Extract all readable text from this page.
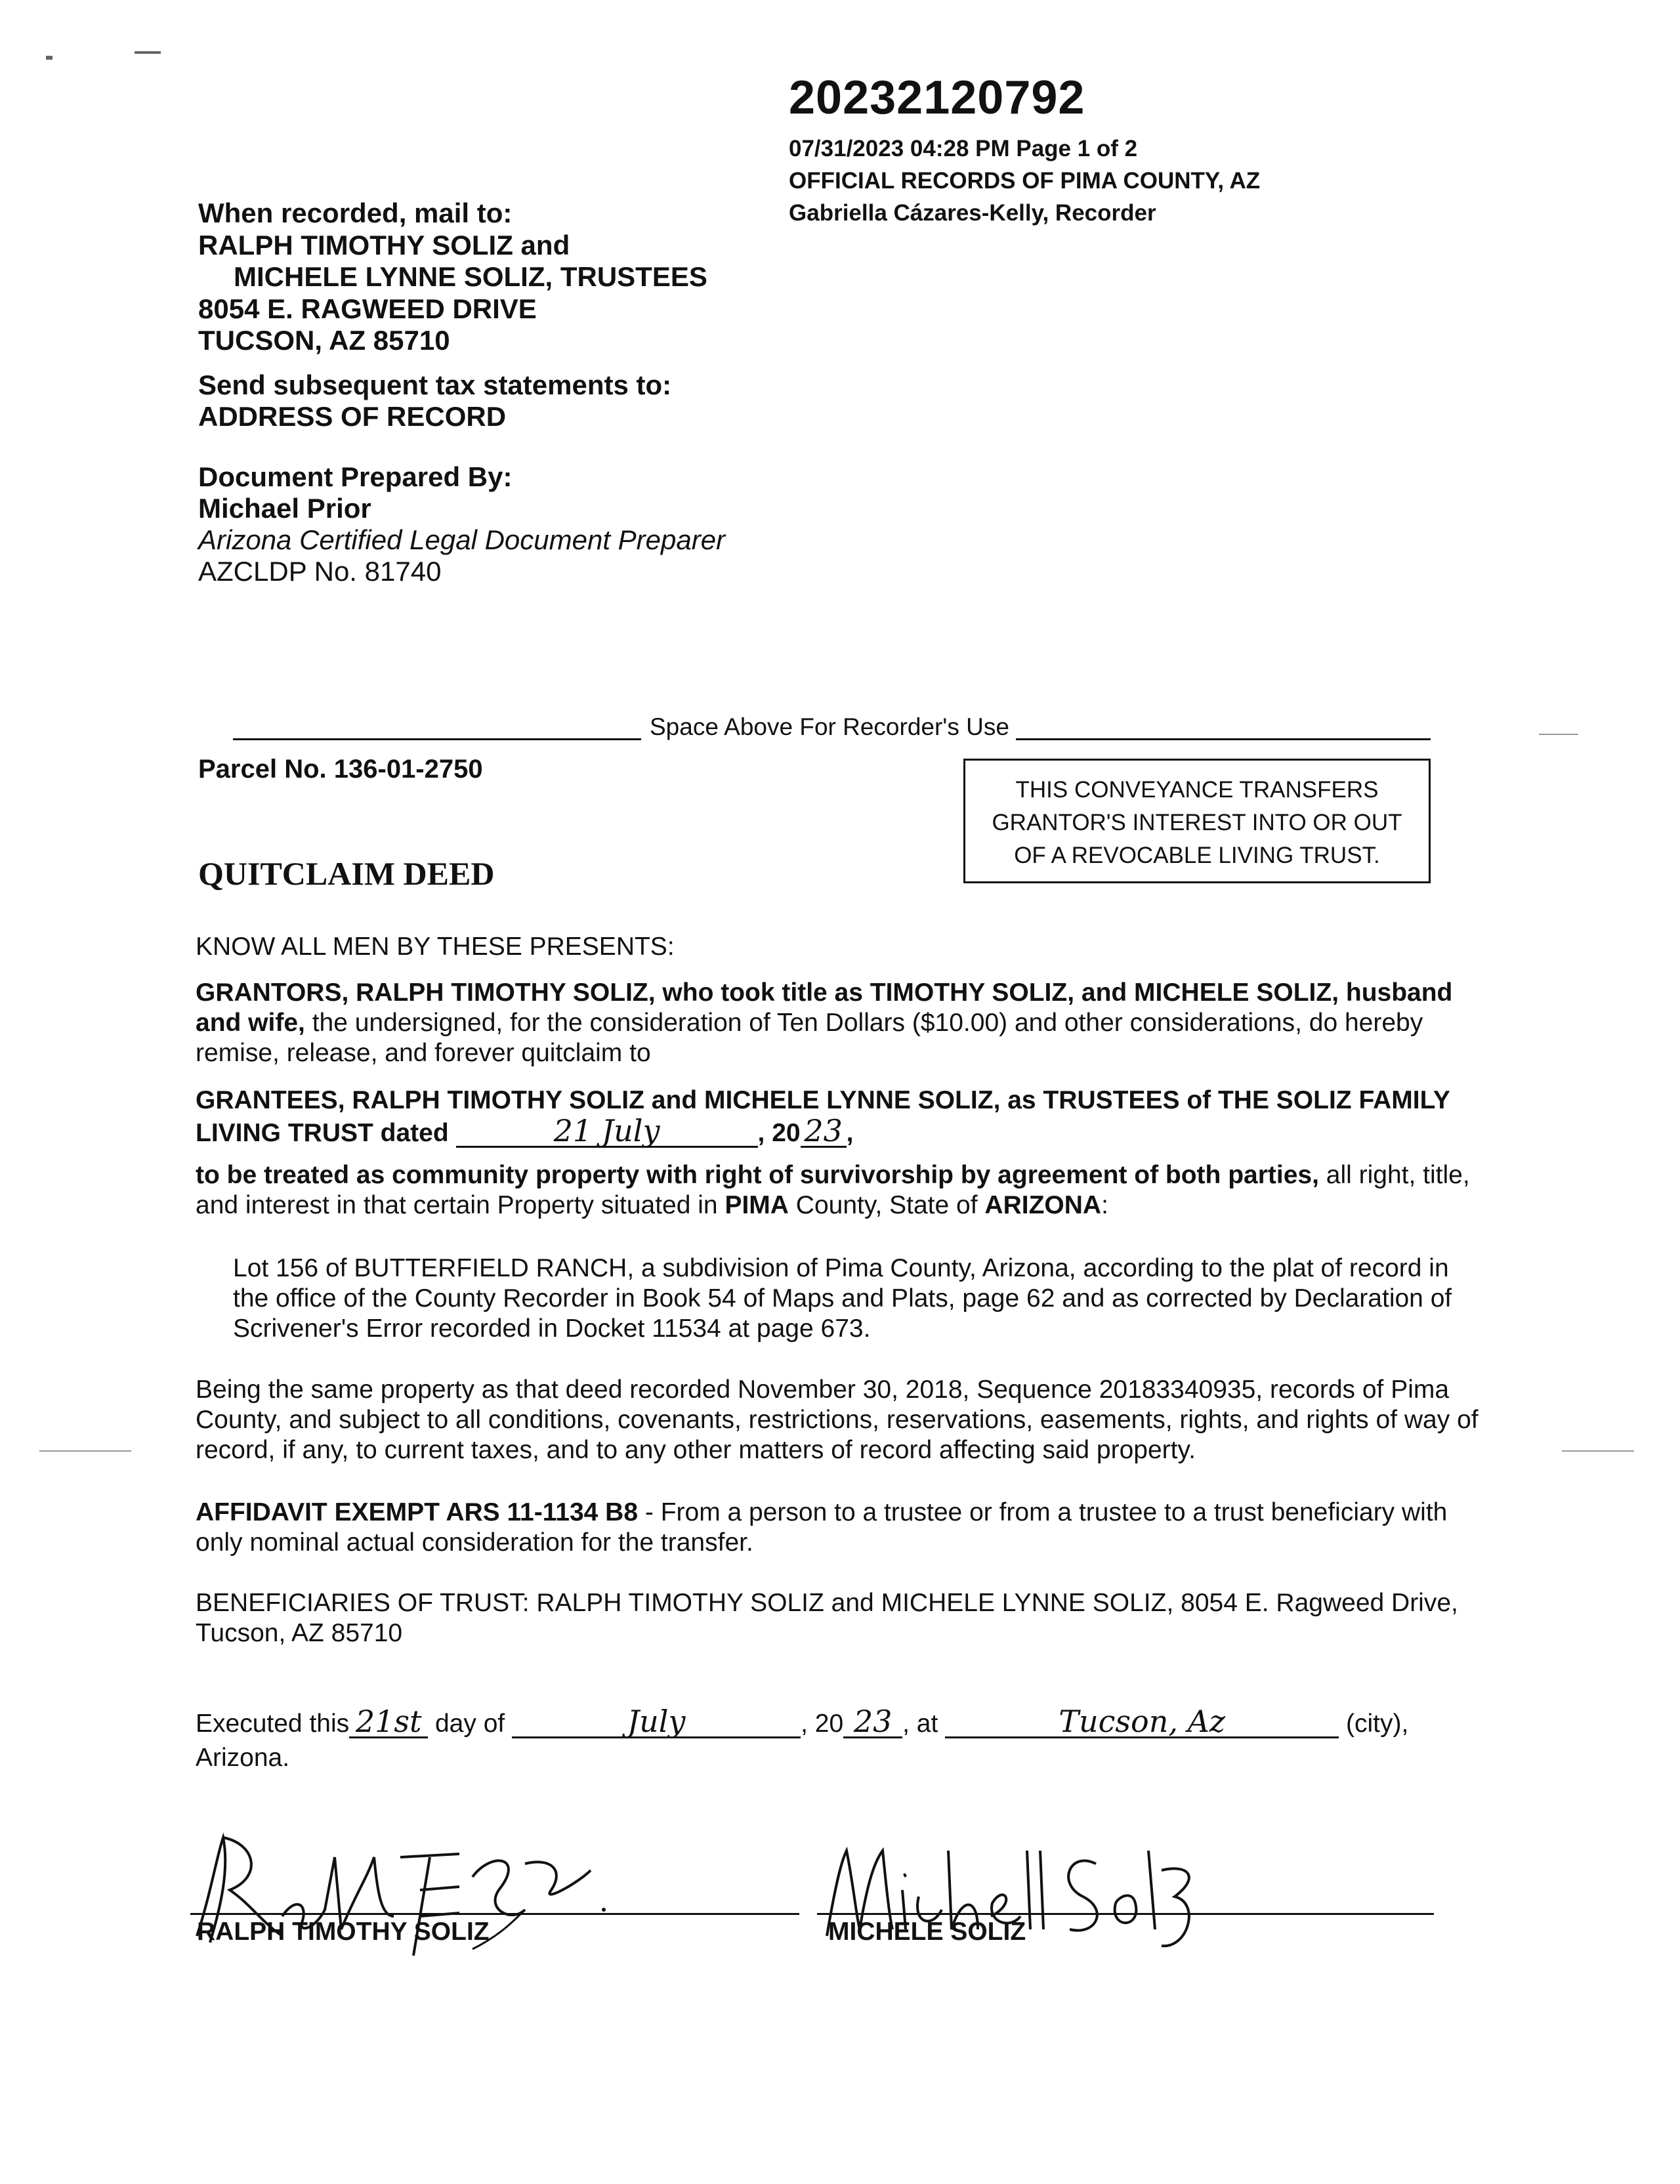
20232120792
07/31/2023 04:28 PM Page 1 of 2
OFFICIAL RECORDS OF PIMA COUNTY, AZ
Gabriella Cázares-Kelly, Recorder
When recorded, mail to:
RALPH TIMOTHY SOLIZ and
MICHELE LYNNE SOLIZ, TRUSTEES
8054 E. RAGWEED DRIVE
TUCSON, AZ 85710
Send subsequent tax statements to:
ADDRESS OF RECORD
Document Prepared By:
Michael Prior
Arizona Certified Legal Document Preparer
AZCLDP No. 81740
Space Above For Recorder's Use
Parcel No. 136-01-2750
THIS CONVEYANCE TRANSFERS
GRANTOR'S INTEREST INTO OR OUT
OF A REVOCABLE LIVING TRUST.
QUITCLAIM DEED
KNOW ALL MEN BY THESE PRESENTS:
GRANTORS, RALPH TIMOTHY SOLIZ, who took title as TIMOTHY SOLIZ, and MICHELE SOLIZ, husband and wife, the undersigned, for the consideration of Ten Dollars ($10.00) and other considerations, do hereby remise, release, and forever quitclaim to
GRANTEES, RALPH TIMOTHY SOLIZ and MICHELE LYNNE SOLIZ, as TRUSTEES of THE SOLIZ FAMILY LIVING TRUST dated	21 July	, 20 23 ,
to be treated as community property with right of survivorship by agreement of both parties, all right, title, and interest in that certain Property situated in PIMA County, State of ARIZONA:
Lot 156 of BUTTERFIELD RANCH, a subdivision of Pima County, Arizona, according to the plat of record in the office of the County Recorder in Book 54 of Maps and Plats, page 62 and as corrected by Declaration of Scrivener's Error recorded in Docket 11534 at page 673.
Being the same property as that deed recorded November 30, 2018, Sequence 20183340935, records of Pima County, and subject to all conditions, covenants, restrictions, reservations, easements, rights, and rights of way of record, if any, to current taxes, and to any other matters of record affecting said property.
AFFIDAVIT EXEMPT ARS 11-1134 B8 - From a person to a trustee or from a trustee to a trust beneficiary with only nominal actual consideration for the transfer.
BENEFICIARIES OF TRUST: RALPH TIMOTHY SOLIZ and MICHELE LYNNE SOLIZ, 8054 E. Ragweed Drive, Tucson, AZ 85710
Executed this 21st day of	July	, 20 23 , at	Tucson, Az	(city),
Arizona.
RALPH TIMOTHY SOLIZ	MICHELE SOLIZ
